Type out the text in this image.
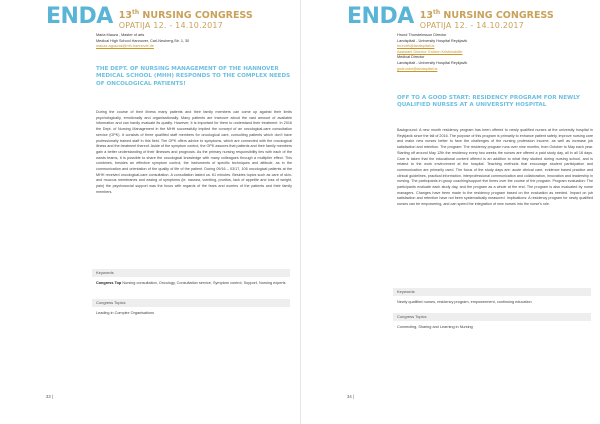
ENDA 13th NURSING CONGRESS
OPATIJA 12. - 14.10.2017
Maria Mauza , Master of arts
Medical High School Hannover, Carl-Neuberg-Str. 1, 30
mauza.aguscak@mh-hannover.de
THE DEPT. OF NURSING MANAGEMENT OF THE HANNOVER MEDICAL SCHOOL (MHH) RESPONDS TO THE COMPLEX NEEDS OF ONCOLOGICAL PATIENTS!
During the course of their illness many patients and their family members can come up against their limits psychologically, emotionally and organisationally. Many patients are insecure about the vast amount of available information and can hardly evaluate its quality. However, it is important for them to understand their treatment. In 2016 the Dept. of Nursing Management in the MHH successfully implied the concept of an oncological-care consultation service (OPK). It consists of three qualified staff members for oncological care, consulting patients which don't have professionally trained staff in this field. The OPK offers advice to symptoms, which are connected with the oncological illness and the treatment thereof. Aside of the symptom control, the OPK assures that patients and their family members gain a better understanding of their illnesses and prognosis. As the primary nursing responsibility lies with each of the wards teams, it is possible to share the oncological knowledge with many colleagues through a multiplier effect. This combines, besides an effective symptom control, the instruments of specific techniques and attitude, as in the communication and orientation of the quality of life of the patient. During 09/16 – 03/17, 106 oncological patients at the MHH received oncological-care consultation. A consultation lasted ca. 61 minutes. Besides topics such as care of skin- and mucous membranes and easing of symptoms (ie. nausea, vomiting, pruritus, lack of appetite and loss of weight, pain) the psychosocial support was the focus with regards of the fears and worries of the patients and their family members.
Keywords
Congress Top Nursing consultation, Oncology, Consultation service, Symptom control, Support, Nursing experts
Congress Topics
Leading in Complex Organisations
33 |
ENDA 13th NURSING CONGRESS
OPATIJA 12. - 14.10.2017
Hrund Thorsteinsson Director
Landspitali - University Hospital Reykjavik
hrundth@landspitali.is
Assistant Director Guðrún Kristinsdottir
Medical Director
Landspitali - University Hospital Reykjavik
gudrunkri@landspitali.is
OFF TO A GOOD START: RESIDENCY PROGRAM FOR NEWLY QUALIFIED NURSES AT A UNIVERSITY HOSPITAL
Background: A new month residency program has been offered to newly qualified nurses at the university hospital in Reykjavik since the fall of 2016. The purpose of this program is primarily to enhance patient safety, improve nursing care and make new nurses better to face the challenges of the nursing profession income, as well as increase job satisfaction and retention. The program: The residency program runs over nine months, from October to May each year. Starting off around May 12th the residency every two weeks the nurses are offered a paid study day, all in all 16 days. Care is taken that the educational content offered is an addition to what they studied during nursing school, and is related to the work environment at the hospital. Teaching methods that encourage student participation and communication are primarily used. The focus of the study days are: acute clinical care, evidence based practice and clinical guidelines, practical information, interprofessional communication and collaboration, innovation and leadership in nursing. The participants in group coaching/support five times over the course of the program. Program evaluation: The participants evaluate each study day, and the program as a whole at the end. The program is also evaluated by nurse managers. Changes have been made to the residency program based on the evaluation as needed. Impact on job satisfaction and retention have not been systematically measured. Implications: A residency program for newly qualified nurses can be empowering, and can speed the integration of new nurses into the nurse's role.
Keywords
Newly qualified nurses, residency program, empowerment, continuing education
Congress Topics
Connecting, Sharing and Learning in Nursing
34 |
